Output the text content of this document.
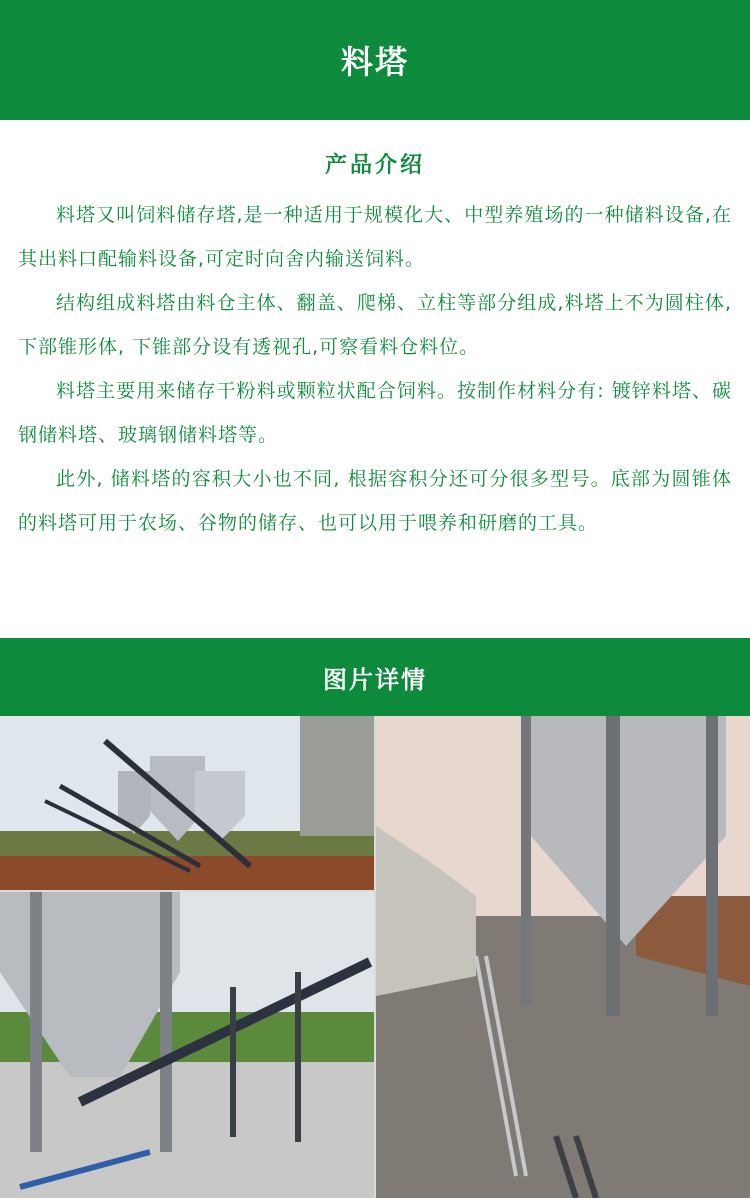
料塔
产品介绍

料塔又叫饲料储存塔,是一种适用于规模化大、中型养殖场的一种储料设备,在其出料口配输料设备,可定时向舍内输送饲料。

结构组成料塔由料仓主体、翻盖、爬梯、立柱等部分组成,料塔上不为圆柱体, 下部锥形体, 下锥部分设有透视孔,可察看料仓料位。

料塔主要用来储存干粉料或颗粒状配合饲料。按制作材料分有: 镀锌料塔、碳钢储料塔、玻璃钢储料塔等。

此外, 储料塔的容积大小也不同, 根据容积分还可分很多型号。底部为圆锥体的料塔可用于农场、谷物的储存、也可以用于喂养和研磨的工具。

图片详情
